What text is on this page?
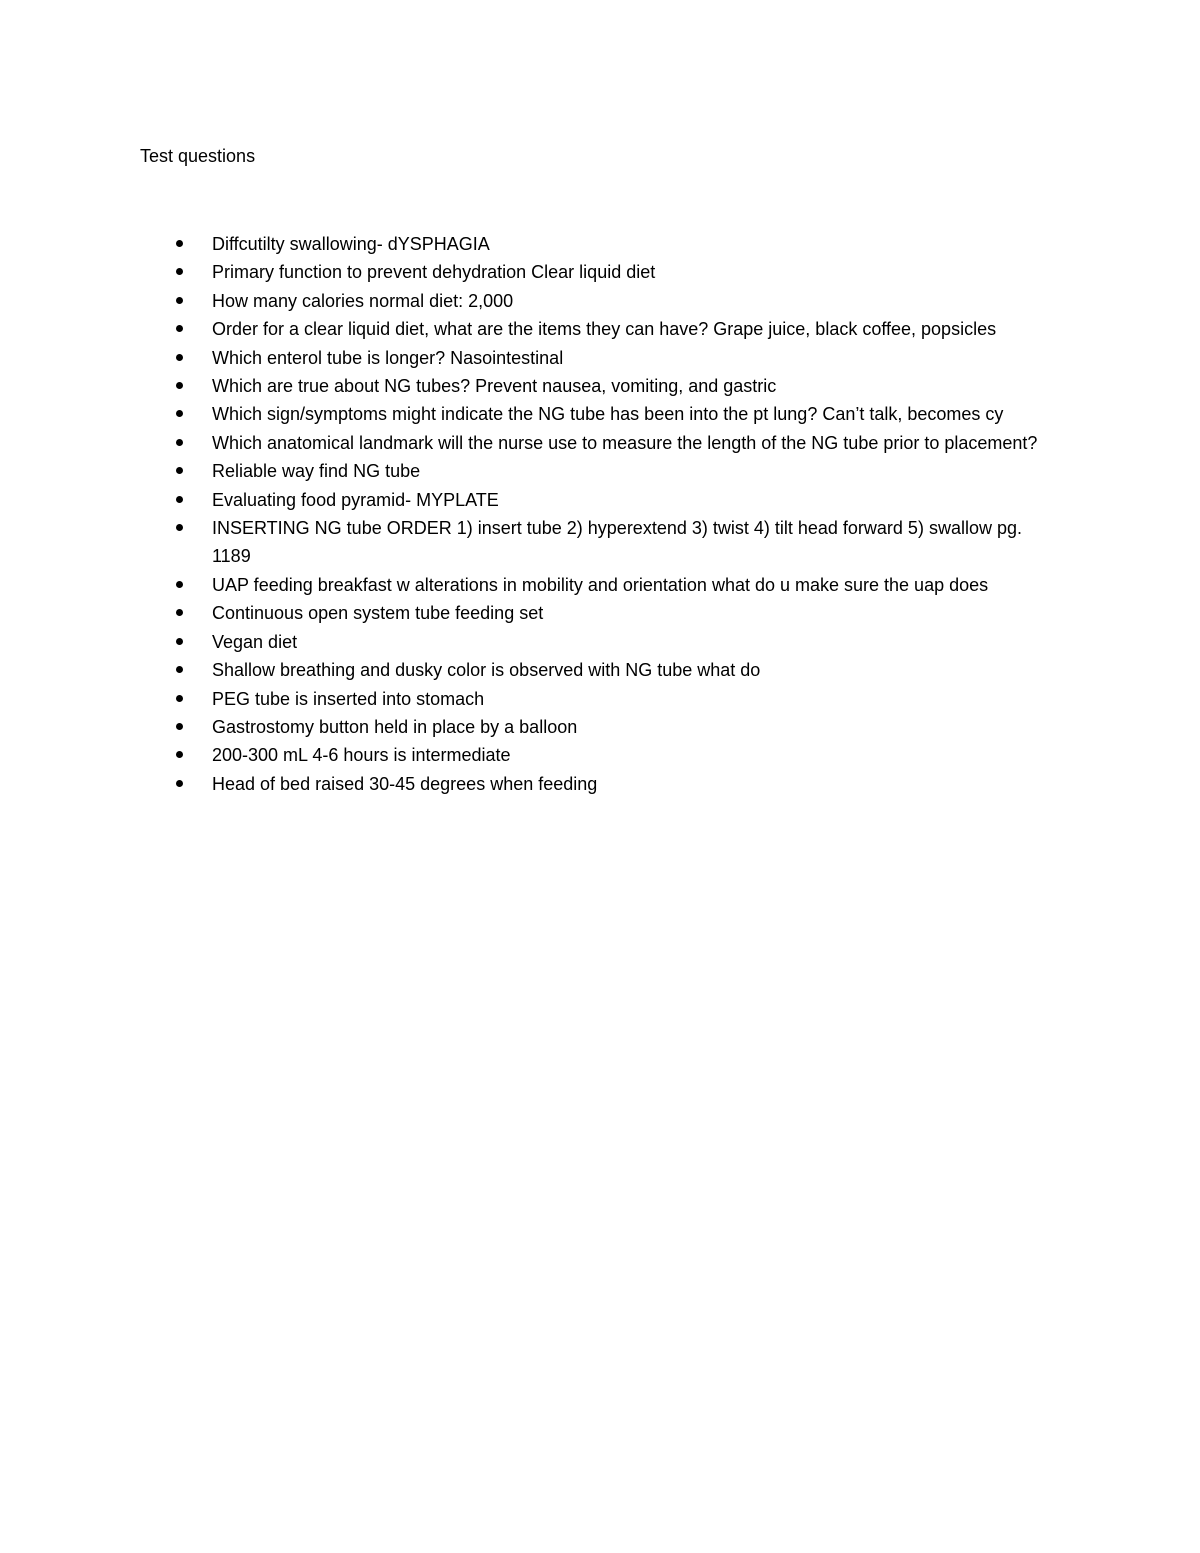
Test questions
Diffcutilty swallowing- dYSPHAGIA
Primary function to prevent dehydration Clear liquid diet
How many calories normal diet: 2,000
Order for a clear liquid diet, what are the items they can have? Grape juice, black coffee, popsicles
Which enterol tube is longer? Nasointestinal
Which are true about NG tubes? Prevent nausea, vomiting, and gastric
Which sign/symptoms might indicate the NG tube has been into the pt lung? Can’t talk, becomes cy
Which anatomical landmark will the nurse use to measure the length of the NG tube prior to placement?
Reliable way find NG tube
Evaluating food pyramid- MYPLATE
INSERTING NG tube ORDER 1) insert tube 2) hyperextend 3) twist 4) tilt head forward 5) swallow pg. 1189
UAP feeding breakfast w alterations in mobility and orientation what do u make sure the uap does
Continuous open system tube feeding set
Vegan diet
Shallow breathing and dusky color is observed with NG tube what do
PEG tube is inserted into stomach
Gastrostomy button held in place by a balloon
200-300 mL 4-6 hours is intermediate
Head of bed raised 30-45 degrees when feeding
